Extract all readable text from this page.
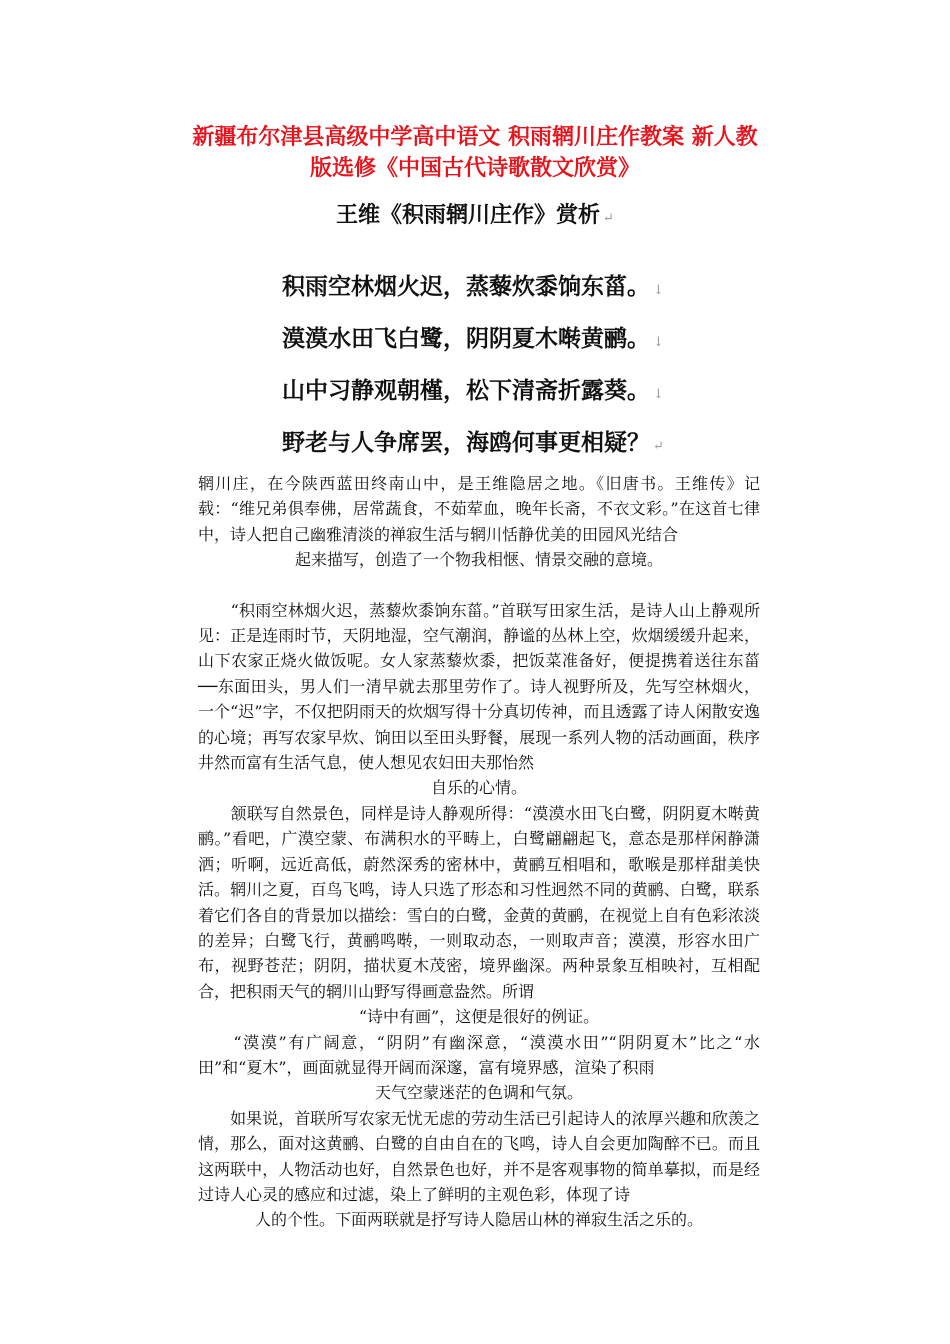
新疆布尔津县高级中学高中语文 积雨辋川庄作教案 新人教版选修《中国古代诗歌散文欣赏》
王维《积雨辋川庄作》赏析 ↵
积雨空林烟火迟，蒸藜炊黍饷东菑。 ↓
漠漠水田飞白鹭，阴阴夏木啭黄鹂。 ↓
山中习静观朝槿，松下清斋折露葵。 ↓
野老与人争席罢，海鸥何事更相疑？ ↵

辋川庄，在今陕西蓝田终南山中，是王维隐居之地。《旧唐书。王维传》记载：“维兄弟俱奉佛，居常蔬食，不茹荤血，晚年长斋，不衣文彩。”在这首七律中，诗人把自己幽雅清淡的禅寂生活与辋川恬静优美的田园风光结合
起来描写，创造了一个物我相惬、情景交融的意境。

　　“积雨空林烟火迟，蒸藜炊黍饷东菑。”首联写田家生活，是诗人山上静观所见：正是连雨时节，天阴地湿，空气潮润，静谧的丛林上空，炊烟缓缓升起来，山下农家正烧火做饭呢。女人家蒸藜炊黍，把饭菜准备好，便提携着送往东菑──东面田头，男人们一清早就去那里劳作了。诗人视野所及，先写空林烟火，一个“迟”字，不仅把阴雨天的炊烟写得十分真切传神，而且透露了诗人闲散安逸的心境；再写农家早炊、饷田以至田头野餐，展现一系列人物的活动画面，秩序井然而富有生活气息，使人想见农妇田夫那怡然
自乐的心情。

　　颔联写自然景色，同样是诗人静观所得：“漠漠水田飞白鹭，阴阴夏木啭黄鹂。”看吧，广漠空蒙、布满积水的平畴上，白鹭翩翩起飞，意态是那样闲静潇洒；听啊，远近高低，蔚然深秀的密林中，黄鹂互相唱和，歌喉是那样甜美快活。辋川之夏，百鸟飞鸣，诗人只选了形态和习性迥然不同的黄鹂、白鹭，联系着它们各自的背景加以描绘：雪白的白鹭，金黄的黄鹂，在视觉上自有色彩浓淡的差异；白鹭飞行，黄鹂鸣啭，一则取动态，一则取声音；漠漠，形容水田广布，视野苍茫；阴阴，描状夏木茂密，境界幽深。两种景象互相映衬，互相配合，把积雨天气的辋川山野写得画意盎然。所谓
“诗中有画”，这便是很好的例证。

　　“漠漠”有广阔意，“阴阴”有幽深意，“漠漠水田”“阴阴夏木”比之“水田”和“夏木”，画面就显得开阔而深邃，富有境界感，渲染了积雨
天气空蒙迷茫的色调和气氛。

　　如果说，首联所写农家无忧无虑的劳动生活已引起诗人的浓厚兴趣和欣羡之情，那么，面对这黄鹂、白鹭的自由自在的飞鸣，诗人自会更加陶醉不已。而且这两联中，人物活动也好，自然景色也好，并不是客观事物的简单摹拟，而是经过诗人心灵的感应和过滤，染上了鲜明的主观色彩，体现了诗
人的个性。下面两联就是抒写诗人隐居山林的禅寂生活之乐的。
